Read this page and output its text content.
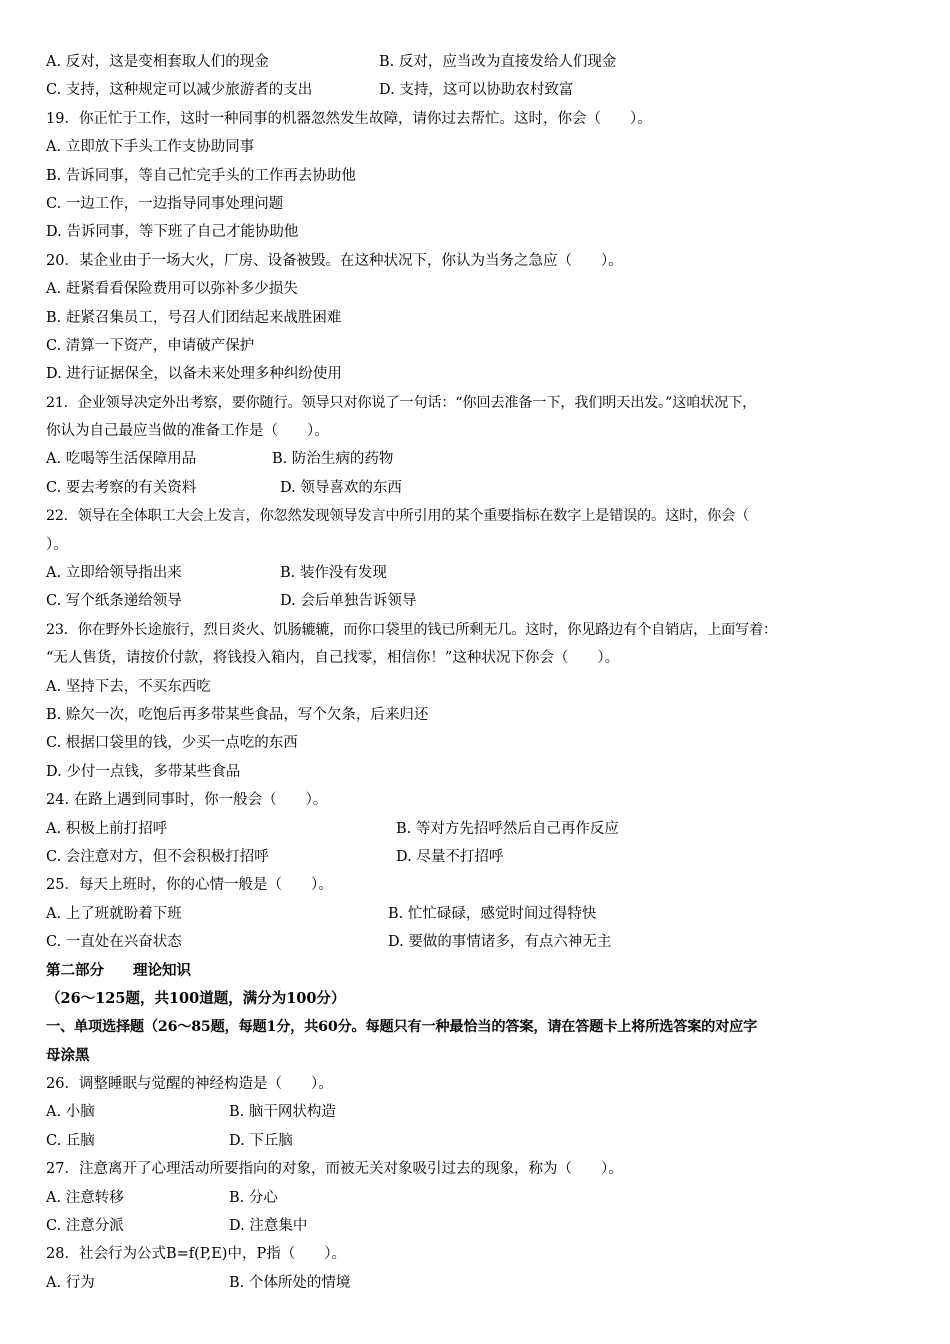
A. 反对，这是变相套取人们的现金	B. 反对，应当改为直接发给人们现金
C. 支持，这种规定可以减少旅游者的支出	D. 支持，这可以协助农村致富
19．你正忙于工作，这时一种同事的机器忽然发生故障，请你过去帮忙。这时，你会（　　）。
A. 立即放下手头工作支协助同事
B. 告诉同事，等自己忙完手头的工作再去协助他
C. 一边工作，一边指导同事处理问题
D. 告诉同事，等下班了自己才能协助他
20．某企业由于一场大火，厂房、设备被毁。在这种状况下，你认为当务之急应（　　）。
A. 赶紧看看保险费用可以弥补多少损失
B. 赶紧召集员工，号召人们团结起来战胜困难
C. 清算一下资产，申请破产保护
D. 进行证据保全，以备未来处理多种纠纷使用
21．企业领导决定外出考察，要你随行。领导只对你说了一句话：“你回去准备一下，我们明天出发。”这咱状况下，
你认为自己最应当做的准备工作是（　　）。
A. 吃喝等生活保障用品	B. 防治生病的药物
C. 要去考察的有关资料	D. 领导喜欢的东西
22．领导在全体职工大会上发言，你忽然发现领导发言中所引用的某个重要指标在数字上是错误的。这时，你会（
）。
A. 立即给领导指出来	B. 装作没有发现
C. 写个纸条递给领导	D. 会后单独告诉领导
23．你在野外长途旅行，烈日炎火、饥肠辘辘，而你口袋里的钱已所剩无几。这时，你见路边有个自销店，上面写着：
“无人售货，请按价付款，将钱投入箱内，自己找零，相信你！”这种状况下你会（　　）。
A. 坚持下去，不买东西吃
B. 赊欠一次，吃饱后再多带某些食品，写个欠条，后来归还
C. 根据口袋里的钱，少买一点吃的东西
D. 少付一点钱，多带某些食品
24. 在路上遇到同事时，你一般会（　　）。
A. 积极上前打招呼	B. 等对方先招呼然后自己再作反应
C. 会注意对方，但不会积极打招呼	D. 尽量不打招呼
25．每天上班时，你的心情一般是（　　）。
A. 上了班就盼着下班	B. 忙忙碌碌，感觉时间过得特快
C. 一直处在兴奋状态	D. 要做的事情诸多，有点六神无主
第二部分　　理论知识
（26～125题，共100道题，满分为100分）
一、单项选择题（26～85题，每题1分，共60分。每题只有一种最恰当的答案，请在答题卡上将所选答案的对应字
母涂黑
26．调整睡眠与觉醒的神经构造是（　　）。
A. 小脑	B. 脑干网状构造
C. 丘脑	D. 下丘脑
27．注意离开了心理活动所要指向的对象，而被无关对象吸引过去的现象，称为（　　）。
A. 注意转移	B. 分心
C. 注意分派	D. 注意集中
28．社会行为公式B=f(P,E)中，P指（　　）。
A. 行为	B. 个体所处的情境
